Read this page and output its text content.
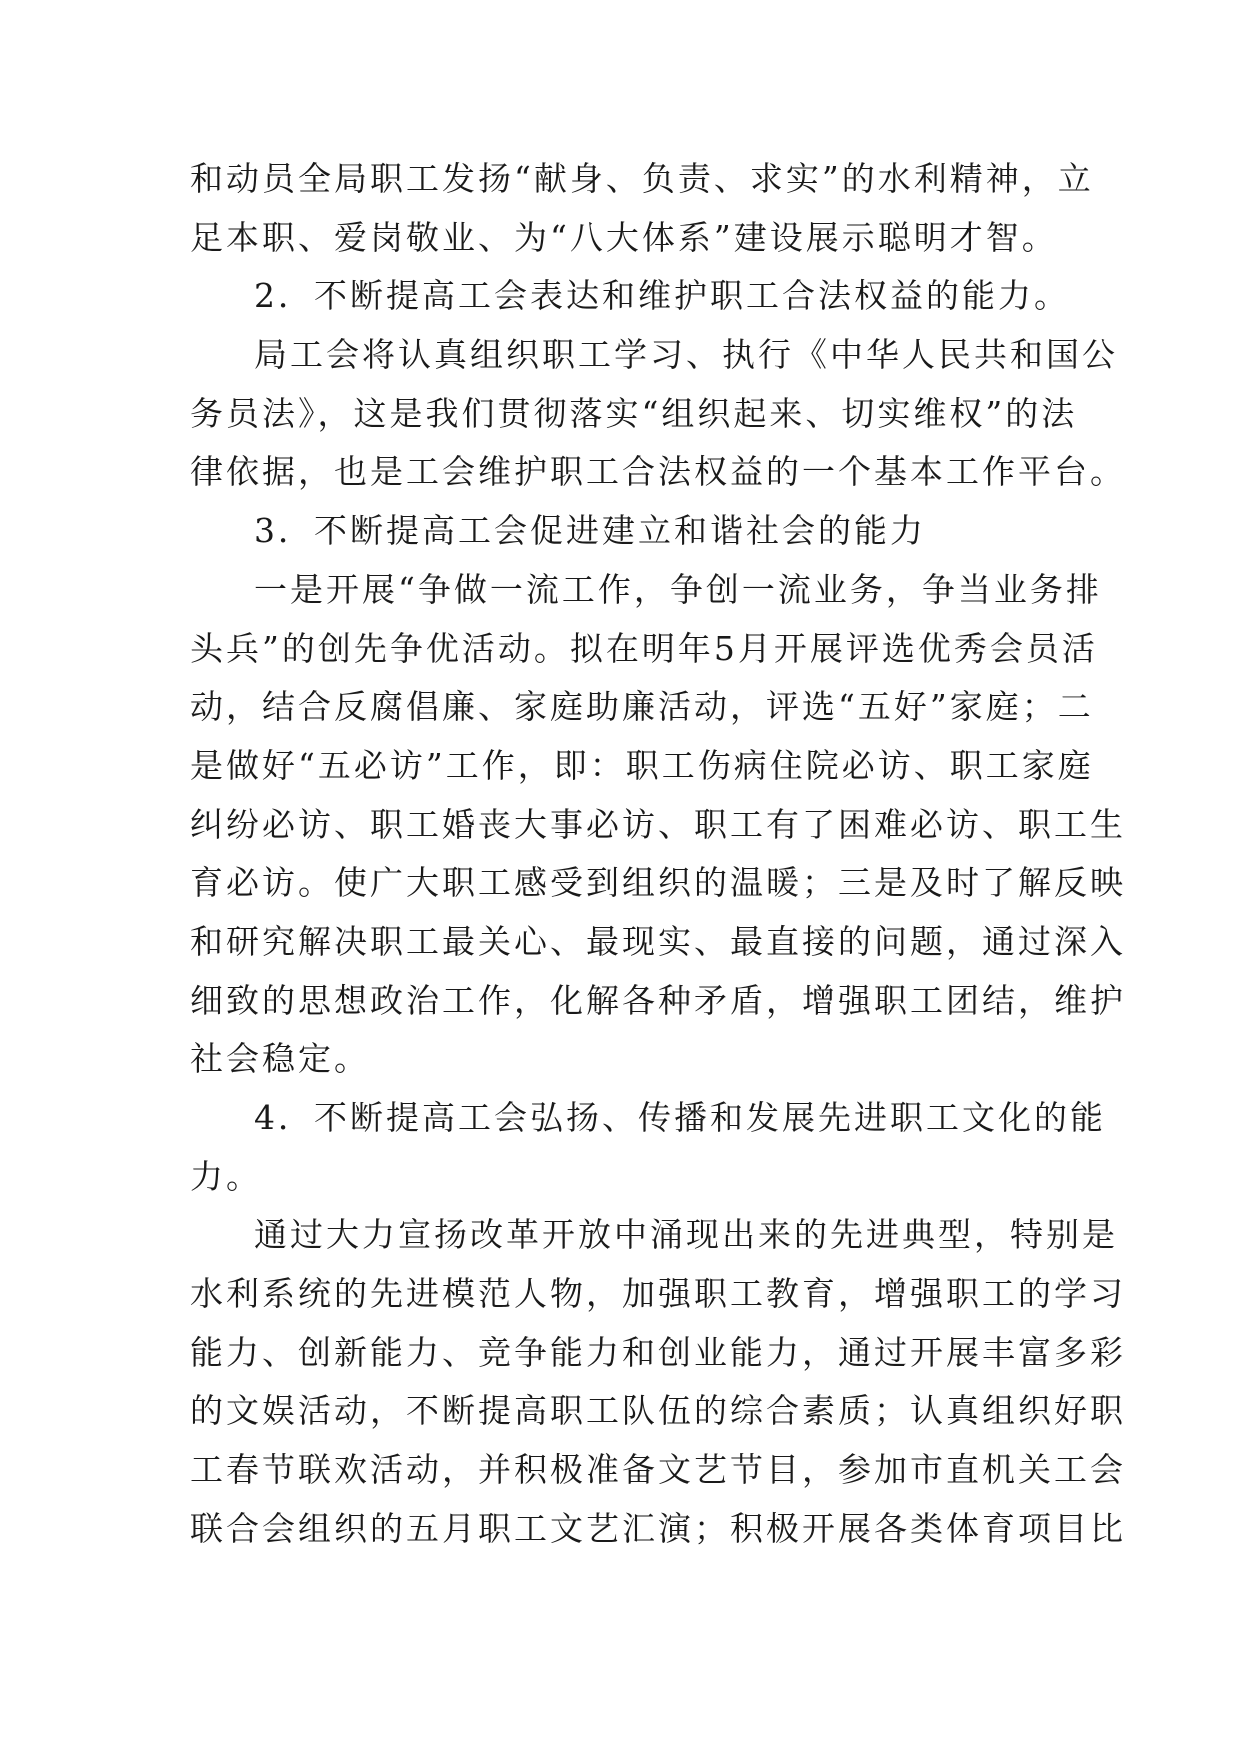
和动员全局职工发扬“献身、负责、求实”的水利精神，立
足本职、爱岗敬业、为“八大体系”建设展示聪明才智。
2．不断提高工会表达和维护职工合法权益的能力。
局工会将认真组织职工学习、执行《中华人民共和国公
务员法》，这是我们贯彻落实“组织起来、切实维权”的法
律依据，也是工会维护职工合法权益的一个基本工作平台。
3．不断提高工会促进建立和谐社会的能力
一是开展“争做一流工作，争创一流业务，争当业务排
头兵”的创先争优活动。拟在明年5月开展评选优秀会员活
动，结合反腐倡廉、家庭助廉活动，评选“五好”家庭；二
是做好“五必访”工作，即：职工伤病住院必访、职工家庭
纠纷必访、职工婚丧大事必访、职工有了困难必访、职工生
育必访。使广大职工感受到组织的温暖；三是及时了解反映
和研究解决职工最关心、最现实、最直接的问题，通过深入
细致的思想政治工作，化解各种矛盾，增强职工团结，维护
社会稳定。
4．不断提高工会弘扬、传播和发展先进职工文化的能
力。
通过大力宣扬改革开放中涌现出来的先进典型，特别是
水利系统的先进模范人物，加强职工教育，增强职工的学习
能力、创新能力、竞争能力和创业能力，通过开展丰富多彩
的文娱活动，不断提高职工队伍的综合素质；认真组织好职
工春节联欢活动，并积极准备文艺节目，参加市直机关工会
联合会组织的五月职工文艺汇演；积极开展各类体育项目比
